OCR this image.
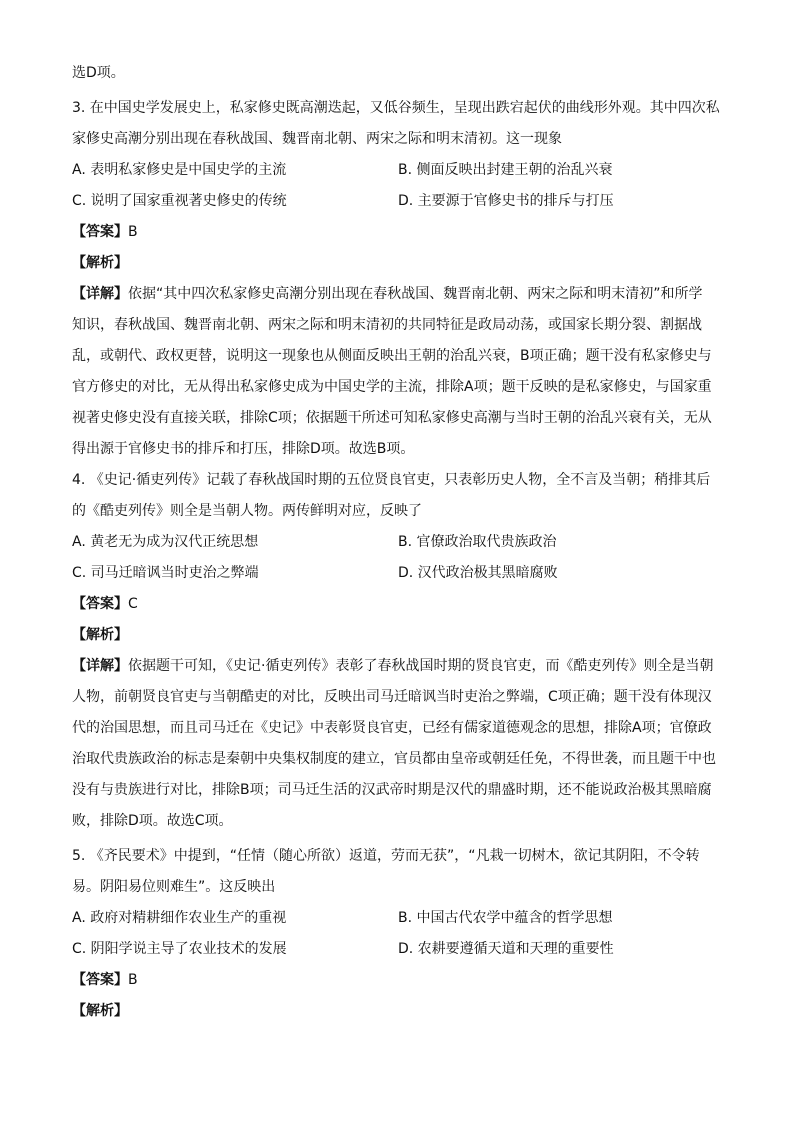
选D项。
3. 在中国史学发展史上，私家修史既高潮迭起，又低谷频生，呈现出跌宕起伏的曲线形外观。其中四次私
家修史高潮分别出现在春秋战国、魏晋南北朝、两宋之际和明末清初。这一现象
A. 表明私家修史是中国史学的主流	B. 侧面反映出封建王朝的治乱兴衰
C. 说明了国家重视著史修史的传统	D. 主要源于官修史书的排斥与打压
【答案】B
【解析】
【详解】依据“其中四次私家修史高潮分别出现在春秋战国、魏晋南北朝、两宋之际和明末清初”和所学
知识，春秋战国、魏晋南北朝、两宋之际和明末清初的共同特征是政局动荡，或国家长期分裂、割据战
乱，或朝代、政权更替，说明这一现象也从侧面反映出王朝的治乱兴衰，B项正确；题干没有私家修史与
官方修史的对比，无从得出私家修史成为中国史学的主流，排除A项；题干反映的是私家修史，与国家重
视著史修史没有直接关联，排除C项；依据题干所述可知私家修史高潮与当时王朝的治乱兴衰有关，无从
得出源于官修史书的排斥和打压，排除D项。故选B项。
4. 《史记·循吏列传》记载了春秋战国时期的五位贤良官吏，只表彰历史人物，全不言及当朝；稍排其后
的《酷吏列传》则全是当朝人物。两传鲜明对应，反映了
A. 黄老无为成为汉代正统思想	B. 官僚政治取代贵族政治
C. 司马迁暗讽当时吏治之弊端	D. 汉代政治极其黑暗腐败
【答案】C
【解析】
【详解】依据题干可知，《史记·循吏列传》表彰了春秋战国时期的贤良官吏，而《酷吏列传》则全是当朝
人物，前朝贤良官吏与当朝酷吏的对比，反映出司马迁暗讽当时吏治之弊端，C项正确；题干没有体现汉
代的治国思想，而且司马迁在《史记》中表彰贤良官吏，已经有儒家道德观念的思想，排除A项；官僚政
治取代贵族政治的标志是秦朝中央集权制度的建立，官员都由皇帝或朝廷任免，不得世袭，而且题干中也
没有与贵族进行对比，排除B项；司马迁生活的汉武帝时期是汉代的鼎盛时期，还不能说政治极其黑暗腐
败，排除D项。故选C项。
5. 《齐民要术》中提到，“任情（随心所欲）返道，劳而无获”，“凡栽一切树木，欲记其阴阳，不令转
易。阴阳易位则难生”。这反映出
A. 政府对精耕细作农业生产的重视	B. 中国古代农学中蕴含的哲学思想
C. 阴阳学说主导了农业技术的发展	D. 农耕要遵循天道和天理的重要性
【答案】B
【解析】
